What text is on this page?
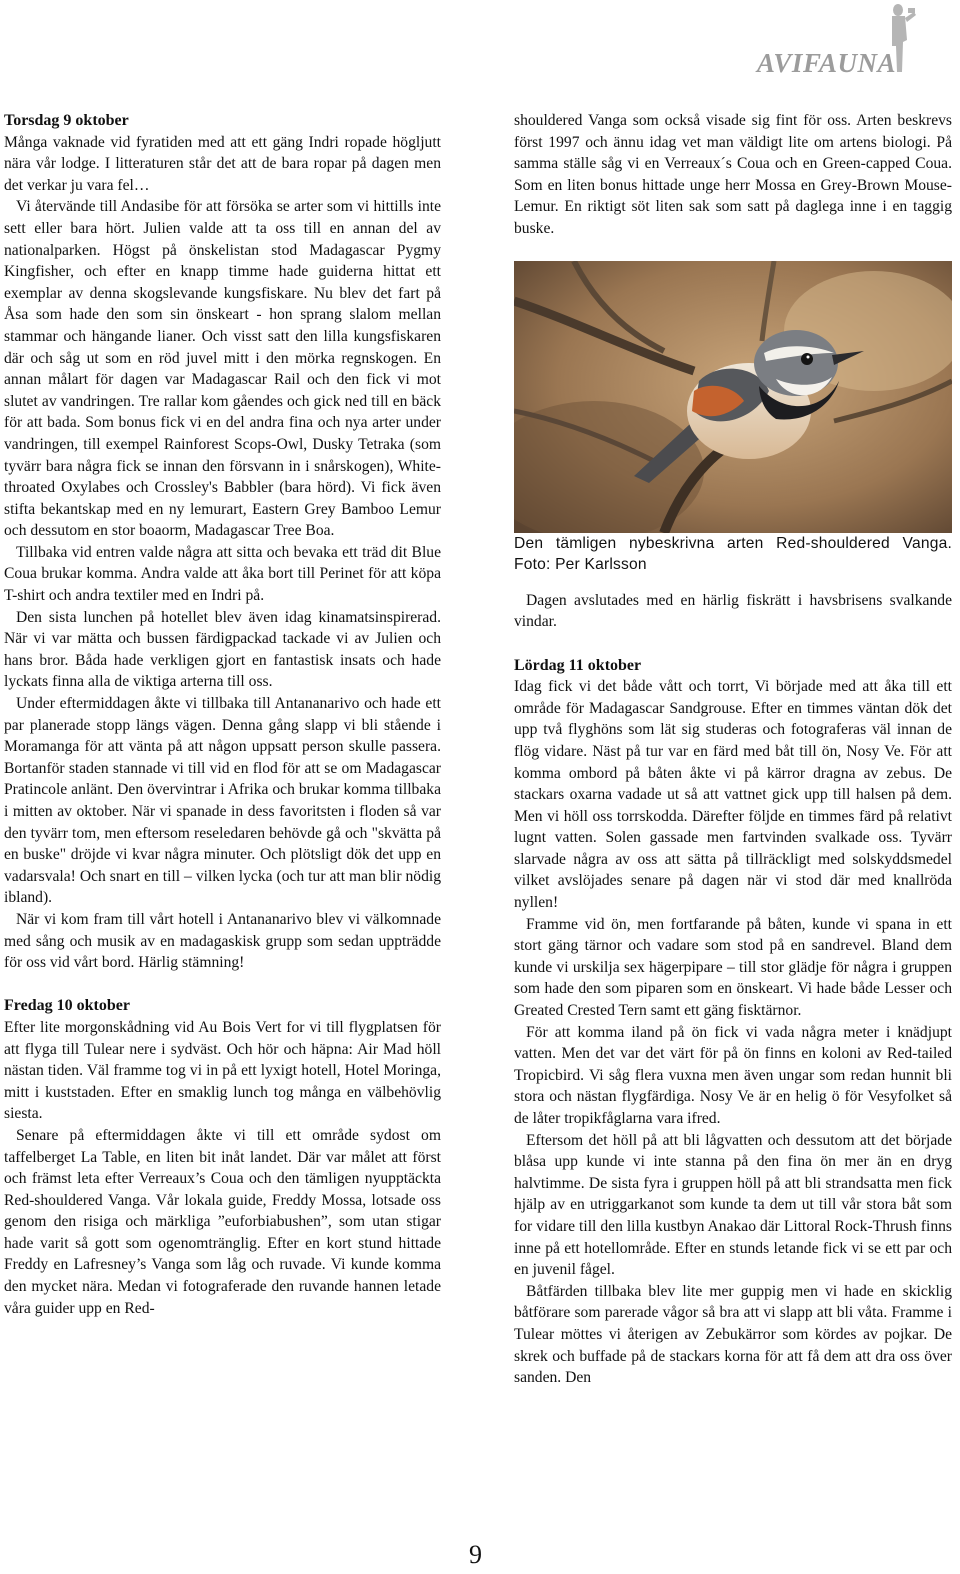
AVIFAUNA
Torsdag 9 oktober

Många vaknade vid fyratiden med att ett gäng Indri ropade högljutt nära vår lodge. I litteraturen står det att de bara ropar på dagen men det verkar ju vara fel…

Vi återvände till Andasibe för att försöka se arter som vi hittills inte sett eller bara hört. Julien valde att ta oss till en annan del av nationalparken. Högst på önskelistan stod Madagascar Pygmy Kingfisher, och efter en knapp timme hade guiderna hittat ett exemplar av denna skogslevande kungsfiskare. Nu blev det fart på Åsa som hade den som sin önskeart - hon sprang slalom mellan stammar och hängande lianer. Och visst satt den lilla kungsfiskaren där och såg ut som en röd juvel mitt i den mörka regnskogen. En annan målart för dagen var Madagascar Rail och den fick vi mot slutet av vandringen. Tre rallar kom gåendes och gick ned till en bäck för att bada. Som bonus fick vi en del andra fina och nya arter under vandringen, till exempel Rainforest Scops-Owl, Dusky Tetraka (som tyvärr bara några fick se innan den försvann in i snårskogen), White-throated Oxylabes och Crossley's Babbler (bara hörd). Vi fick även stifta bekantskap med en ny lemurart, Eastern Grey Bamboo Lemur och dessutom en stor boaorm, Madagascar Tree Boa.

Tillbaka vid entren valde några att sitta och bevaka ett träd dit Blue Coua brukar komma. Andra valde att åka bort till Perinet för att köpa T-shirt och andra textiler med en Indri på.

Den sista lunchen på hotellet blev även idag kinamatsinspirerad. När vi var mätta och bussen färdigpackad tackade vi av Julien och hans bror. Båda hade verkligen gjort en fantastisk insats och hade lyckats finna alla de viktiga arterna till oss.

Under eftermiddagen åkte vi tillbaka till Antananarivo och hade ett par planerade stopp längs vägen. Denna gång slapp vi bli stående i Moramanga för att vänta på att någon uppsatt person skulle passera. Bortanför staden stannade vi till vid en flod för att se om Madagascar Pratincole anlänt. Den övervintrar i Afrika och brukar komma tillbaka i mitten av oktober. När vi spanade in dess favoritsten i floden så var den tyvärr tom, men eftersom reseledaren behövde gå och "skvätta på en buske" dröjde vi kvar några minuter. Och plötsligt dök det upp en vadarsvala! Och snart en till – vilken lycka (och tur att man blir nödig ibland).

När vi kom fram till vårt hotell i Antananarivo blev vi välkomnade med sång och musik av en madagaskisk grupp som sedan uppträdde för oss vid vårt bord. Härlig stämning!

Fredag 10 oktober

Efter lite morgonskådning vid Au Bois Vert for vi till flygplatsen för att flyga till Tulear nere i sydväst. Och hör och häpna: Air Mad höll nästan tiden. Väl framme tog vi in på ett lyxigt hotell, Hotel Moringa, mitt i kuststaden. Efter en smaklig lunch tog många en välbehövlig siesta.

Senare på eftermiddagen åkte vi till ett område sydost om taffelberget La Table, en liten bit inåt landet. Där var målet att först och främst leta efter Verreaux’s Coua och den tämligen nyupptäckta Red-shouldered Vanga. Vår lokala guide, Freddy Mossa, lotsade oss genom den risiga och märkliga ”euforbiabushen”, som utan stigar hade varit så gott som ogenomtränglig. Efter en kort stund hittade Freddy en Lafresney’s Vanga som låg och ruvade. Vi kunde komma den mycket nära. Medan vi fotograferade den ruvande hannen letade våra guider upp en Red-

shouldered Vanga som också visade sig fint för oss. Arten beskrevs först 1997 och ännu idag vet man väldigt lite om artens biologi. På samma ställe såg vi en Verreaux´s Coua och en Green-capped Coua. Som en liten bonus hittade unge herr Mossa en Grey-Brown Mouse-Lemur. En riktigt söt liten sak som satt på daglega inne i en taggig buske.

Den tämligen nybeskrivna arten Red-shouldered Vanga. Foto: Per Karlsson

Dagen avslutades med en härlig fiskrätt i havsbrisens svalkande vindar.

Lördag 11 oktober

Idag fick vi det både vått och torrt, Vi började med att åka till ett område för Madagascar Sandgrouse. Efter en timmes väntan dök det upp två flyghöns som lät sig studeras och fotograferas väl innan de flög vidare. Näst på tur var en färd med båt till ön, Nosy Ve. För att komma ombord på båten åkte vi på kärror dragna av zebus. De stackars oxarna vadade ut så att vattnet gick upp till halsen på dem. Men vi höll oss torrskodda. Därefter följde en timmes färd på relativt lugnt vatten. Solen gassade men fartvinden svalkade oss. Tyvärr slarvade några av oss att sätta på tillräckligt med solskyddsmedel vilket avslöjades senare på dagen när vi stod där med knallröda nyllen!

Framme vid ön, men fortfarande på båten, kunde vi spana in ett stort gäng tärnor och vadare som stod på en sandrevel. Bland dem kunde vi urskilja sex hägerpipare – till stor glädje för några i gruppen som hade den som piparen som en önskeart. Vi hade både Lesser och Greated Crested Tern samt ett gäng fisktärnor.

För att komma iland på ön fick vi vada några meter i knädjupt vatten. Men det var det värt för på ön finns en koloni av Red-tailed Tropicbird. Vi såg flera vuxna men även ungar som redan hunnit bli stora och nästan flygfärdiga. Nosy Ve är en helig ö för Vesyfolket så de låter tropikfåglarna vara ifred.

Eftersom det höll på att bli lågvatten och dessutom att det började blåsa upp kunde vi inte stanna på den fina ön mer än en dryg halvtimme. De sista fyra i gruppen höll på att bli strandsatta men fick hjälp av en utriggarkanot som kunde ta dem ut till vår stora båt som for vidare till den lilla kustbyn Anakao där Littoral Rock-Thrush finns inne på ett hotellområde. Efter en stunds letande fick vi se ett par och en juvenil fågel.

Båtfärden tillbaka blev lite mer guppig men vi hade en skicklig båtförare som parerade vågor så bra att vi slapp att bli våta. Framme i Tulear möttes vi återigen av Zebukärror som kördes av pojkar. De skrek och buffade på de stackars korna för att få dem att dra oss över sanden. Den

9
